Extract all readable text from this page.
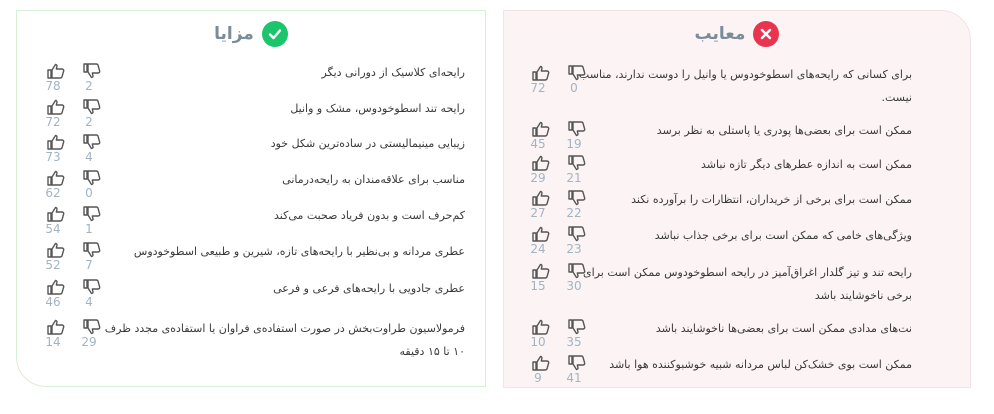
مزایا
78	2
رایحه‌ای کلاسیک از دورانی دیگر
72	2
رایحه تند اسطوخودوس، مشک و وانیل
73	4
زیبایی مینیمالیستی در ساده‌ترین شکل خود
62	0
مناسب برای علاقه‌مندان به رایحه‌درمانی
54	1
کم‌حرف است و بدون فریاد صحبت می‌کند
52	7
عطری مردانه و بی‌نظیر با رایحه‌های تازه، شیرین و طبیعی اسطوخودوس
46	4
عطری جادویی با رایحه‌های فرعی و فرعی
14	29
فرمولاسیون طراوت‌بخش در صورت استفاده‌ی فراوان یا استفاده‌ی مجدد ظرف ۱۰ تا ۱۵ دقیقه
معایب
72	0
برای کسانی که رایحه‌های اسطوخودوس یا وانیل را دوست ندارند، مناسب نیست.
45	19
ممکن است برای بعضی‌ها پودری یا پاستلی به نظر برسد
29	21
ممکن است به اندازه عطرهای دیگر تازه نباشد
27	22
ممکن است برای برخی از خریداران، انتظارات را برآورده نکند
24	23
ویژگی‌های خامی که ممکن است برای برخی جذاب نباشد
15	30
رایحه تند و تیز گلدار اغراق‌آمیز در رایحه اسطوخودوس ممکن است برای برخی ناخوشایند باشد
10	35
نت‌های مدادی ممکن است برای بعضی‌ها ناخوشایند باشد
9	41
ممکن است بوی خشک‌کن لباس مردانه شبیه خوشبوکننده هوا باشد
